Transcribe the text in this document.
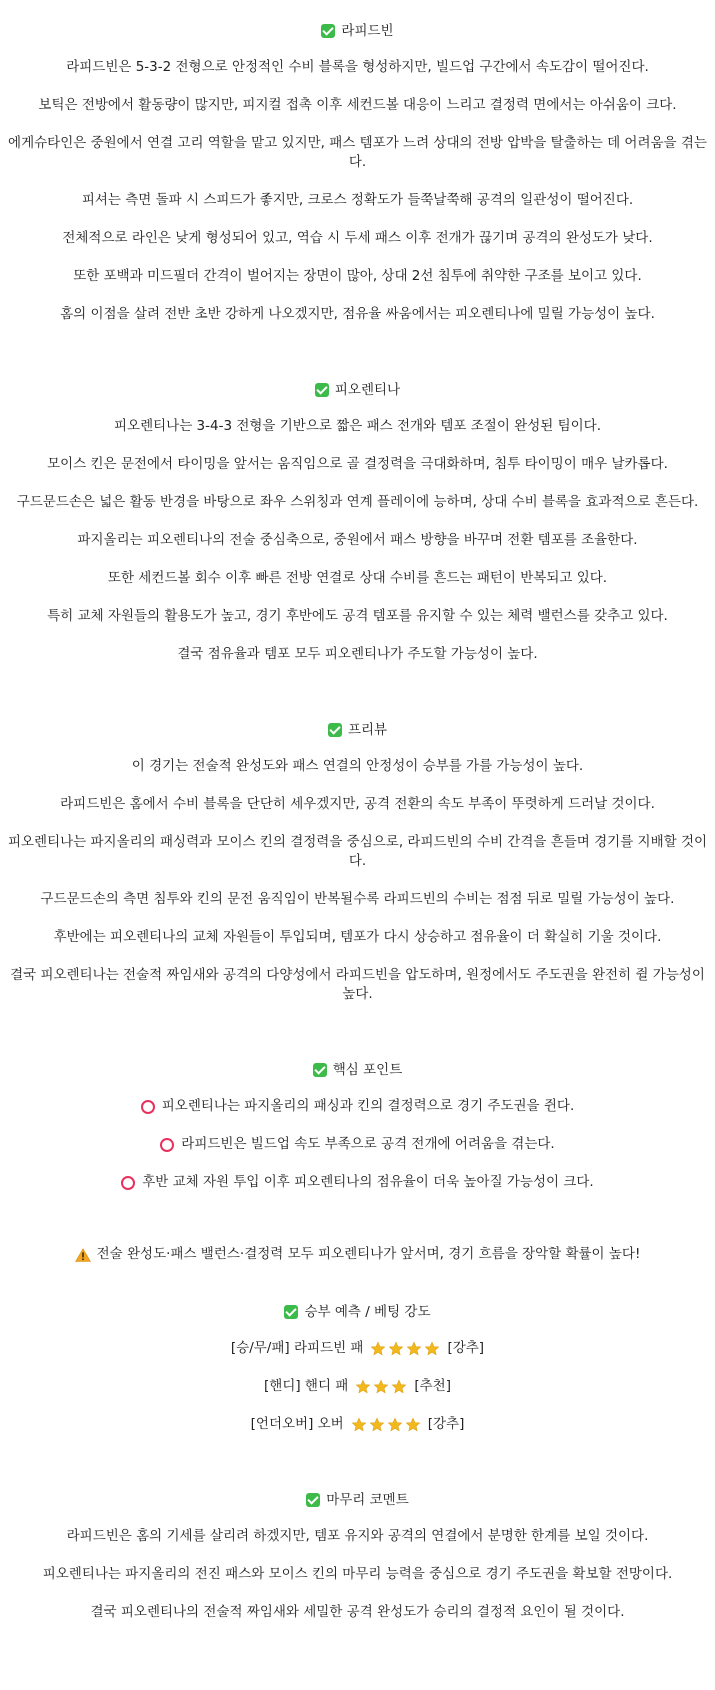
라피드빈

라피드빈은 5-3-2 전형으로 안정적인 수비 블록을 형성하지만, 빌드업 구간에서 속도감이 떨어진다.

보틱은 전방에서 활동량이 많지만, 피지컬 접촉 이후 세컨드볼 대응이 느리고 결정력 면에서는 아쉬움이 크다.

에게슈타인은 중원에서 연결 고리 역할을 맡고 있지만, 패스 템포가 느려 상대의 전방 압박을 탈출하는 데 어려움을 겪는다.

피셔는 측면 돌파 시 스피드가 좋지만, 크로스 정확도가 들쭉날쭉해 공격의 일관성이 떨어진다.

전체적으로 라인은 낮게 형성되어 있고, 역습 시 두세 패스 이후 전개가 끊기며 공격의 완성도가 낮다.

또한 포백과 미드필더 간격이 벌어지는 장면이 많아, 상대 2선 침투에 취약한 구조를 보이고 있다.

홈의 이점을 살려 전반 초반 강하게 나오겠지만, 점유율 싸움에서는 피오렌티나에 밀릴 가능성이 높다.

피오렌티나

피오렌티나는 3-4-3 전형을 기반으로 짧은 패스 전개와 템포 조절이 완성된 팀이다.

모이스 킨은 문전에서 타이밍을 앞서는 움직임으로 골 결정력을 극대화하며, 침투 타이밍이 매우 날카롭다.

구드문드손은 넓은 활동 반경을 바탕으로 좌우 스위칭과 연계 플레이에 능하며, 상대 수비 블록을 효과적으로 흔든다.

파지올리는 피오렌티나의 전술 중심축으로, 중원에서 패스 방향을 바꾸며 전환 템포를 조율한다.

또한 세컨드볼 회수 이후 빠른 전방 연결로 상대 수비를 흔드는 패턴이 반복되고 있다.

특히 교체 자원들의 활용도가 높고, 경기 후반에도 공격 템포를 유지할 수 있는 체력 밸런스를 갖추고 있다.

결국 점유율과 템포 모두 피오렌티나가 주도할 가능성이 높다.

프리뷰

이 경기는 전술적 완성도와 패스 연결의 안정성이 승부를 가를 가능성이 높다.

라피드빈은 홈에서 수비 블록을 단단히 세우겠지만, 공격 전환의 속도 부족이 뚜렷하게 드러날 것이다.

피오렌티나는 파지올리의 패싱력과 모이스 킨의 결정력을 중심으로, 라피드빈의 수비 간격을 흔들며 경기를 지배할 것이다.

구드문드손의 측면 침투와 킨의 문전 움직임이 반복될수록 라피드빈의 수비는 점점 뒤로 밀릴 가능성이 높다.

후반에는 피오렌티나의 교체 자원들이 투입되며, 템포가 다시 상승하고 점유율이 더 확실히 기울 것이다.

결국 피오렌티나는 전술적 짜임새와 공격의 다양성에서 라피드빈을 압도하며, 원정에서도 주도권을 완전히 쥘 가능성이 높다.

핵심 포인트
피오렌티나는 파지올리의 패싱과 킨의 결정력으로 경기 주도권을 쥔다.
라피드빈은 빌드업 속도 부족으로 공격 전개에 어려움을 겪는다.
후반 교체 자원 투입 이후 피오렌티나의 점유율이 더욱 높아질 가능성이 크다.
전술 완성도·패스 밸런스·결정력 모두 피오렌티나가 앞서며, 경기 흐름을 장악할 확률이 높다!
승부 예측 / 베팅 강도
[승/무/패] 라피드빈 패	[강추]
[핸디] 핸디 패	[추천]
[언더오버] 오버	[강추]
마무리 코멘트

라피드빈은 홈의 기세를 살리려 하겠지만, 템포 유지와 공격의 연결에서 분명한 한계를 보일 것이다.

피오렌티나는 파지올리의 전진 패스와 모이스 킨의 마무리 능력을 중심으로 경기 주도권을 확보할 전망이다.

결국 피오렌티나의 전술적 짜임새와 세밀한 공격 완성도가 승리의 결정적 요인이 될 것이다.
